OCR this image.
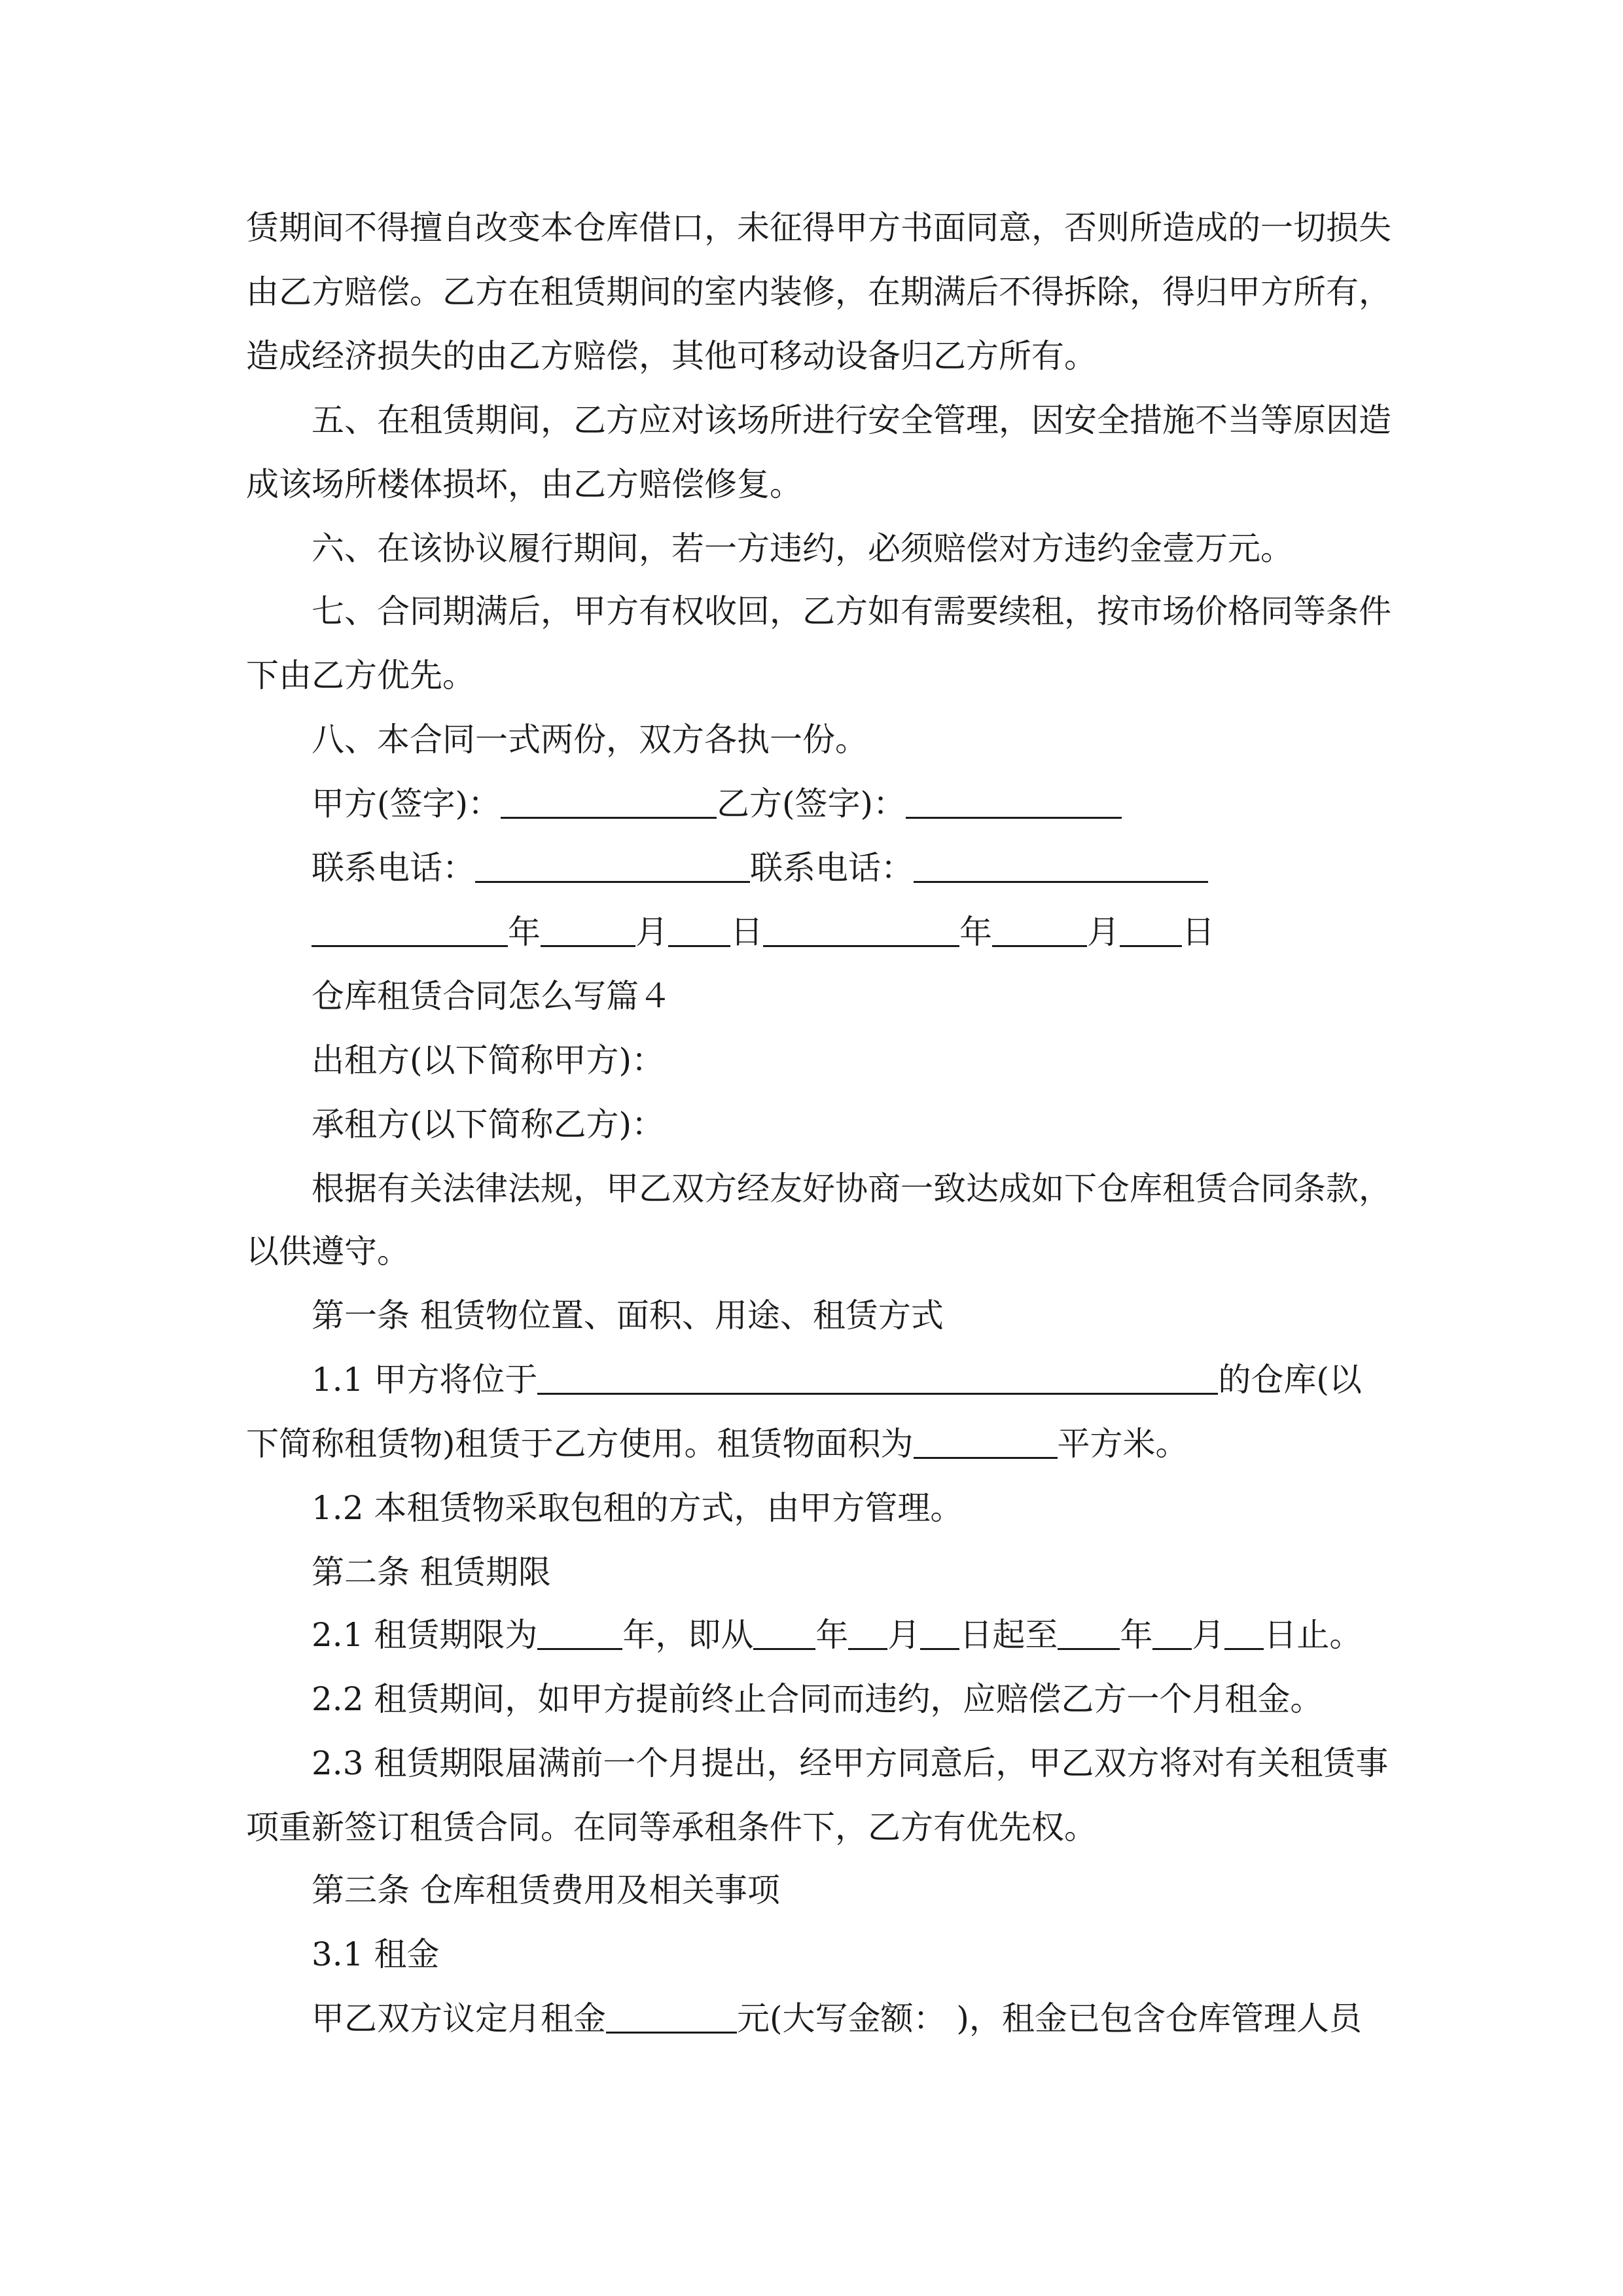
赁期间不得擅自改变本仓库借口，未征得甲方书面同意，否则所造成的一切损失
由乙方赔偿。乙方在租赁期间的室内装修，在期满后不得拆除，得归甲方所有，
造成经济损失的由乙方赔偿，其他可移动设备归乙方所有。
五、在租赁期间，乙方应对该场所进行安全管理，因安全措施不当等原因造
成该场所楼体损坏，由乙方赔偿修复。
六、在该协议履行期间，若一方违约，必须赔偿对方违约金壹万元。
七、合同期满后，甲方有权收回，乙方如有需要续租，按市场价格同等条件
下由乙方优先。
八、本合同一式两份，双方各执一份。
甲方(签字)：	乙方(签字)：
联系电话：	联系电话：
年	月 日	年	月 日
仓库租赁合同怎么写篇４
出租方(以下简称甲方)：
承租方(以下简称乙方)：
根据有关法律法规，甲乙双方经友好协商一致达成如下仓库租赁合同条款，
以供遵守。
第一条 租赁物位置、面积、用途、租赁方式
1.1 甲方将位于	的仓库(以
下简称租赁物)租赁于乙方使用。租赁物面积为	平方米。
1.2 本租赁物采取包租的方式，由甲方管理。
第二条 租赁期限
2.1 租赁期限为	年，即从 年 月 日起至 年 月 日止。
2.2 租赁期间，如甲方提前终止合同而违约，应赔偿乙方一个月租金。
2.3 租赁期限届满前一个月提出，经甲方同意后，甲乙双方将对有关租赁事
项重新签订租赁合同。在同等承租条件下，乙方有优先权。
第三条 仓库租赁费用及相关事项
3.1 租金
甲乙双方议定月租金	元(大写金额： )，租金已包含仓库管理人员
